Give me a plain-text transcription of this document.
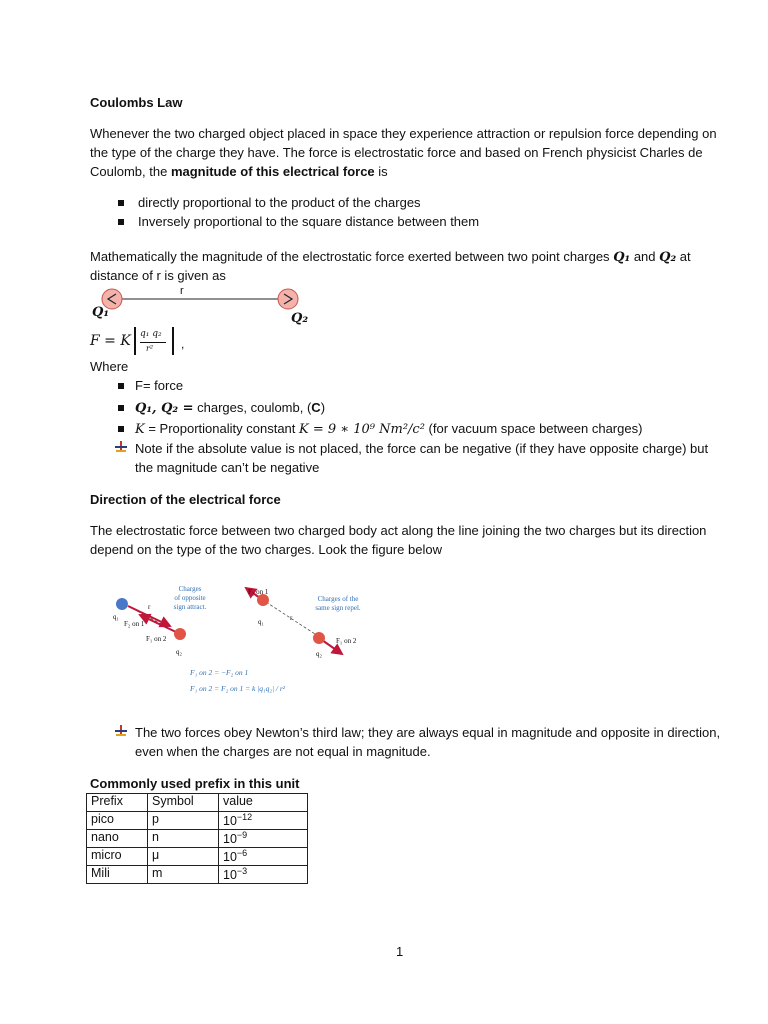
Coulombs Law
Whenever the two charged object placed in space they experience attraction or repulsion force depending on
the type of the charge they have. The force is electrostatic force and based on French physicist Charles de
Coulomb, the magnitude of this electrical force is
directly proportional to the product of the charges
Inversely proportional to the square distance between them
Mathematically the magnitude of the electrostatic force exerted between two point charges Q₁ and Q₂ at
distance of r is given as
r
Q₁	Q₂
F = K q₁ q₂
r² ,
Where
F= force
Q₁, Q₂ = charges, coulomb, (C)
K = Proportionality constant K = 9 ∗ 10⁹ Nm²/c² (for vacuum space between charges)
Note if the absolute value is not placed, the force can be negative (if they have opposite charge) but
the magnitude can’t be negative
Direction of the electrical force
The electrostatic force between two charged body act along the line joining the two charges but its direction
depend on the type of the two charges. Look the figure below
Charges
of opposite
sign attract.
Charges of the
same sign repel.
r
q₁
F₂ on 1
F₁ on 2
q₂
F₂ on 1
q₁	r
F₁ on 2
q₂
F₁ on 2 = −F₂ on 1
F₁ on 2 = F₂ on 1 = k |q₁q₂| / r²
The two forces obey Newton’s third law; they are always equal in magnitude and opposite in direction,
even when the charges are not equal in magnitude.
Commonly used prefix in this unit
Prefix	Symbol	value
pico	p	$10^{-12}$
nano	n	$10^{-9}$
micro	μ	$10^{-6}$
Mili	m	$10^{-3}$
1
